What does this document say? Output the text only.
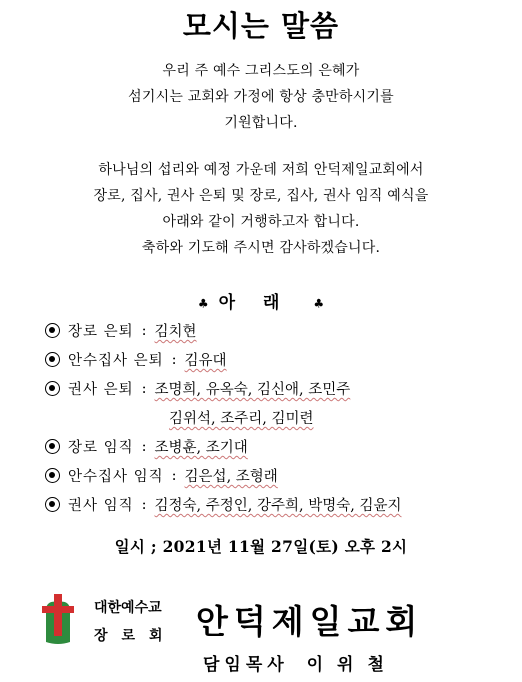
모시는 말씀
우리 주 예수 그리스도의 은혜가
섬기시는 교회와 가정에 항상 충만하시기를
기원합니다.
하나님의 섭리와 예정 가운데 저희 안덕제일교회에서
장로, 집사, 권사 은퇴 및 장로, 집사, 권사 임직 예식을
아래와 같이 거행하고자 합니다.
축하와 기도해 주시면 감사하겠습니다.
♣ 아래 ♣
장로 은퇴 : 김치현
안수집사 은퇴 : 김유대
권사 은퇴 : 조명희, 유옥숙, 김신애, 조민주
김위석, 조주리, 김미련
장로 임직 : 조병훈, 조기대
안수집사 임직 : 김은섭, 조형래
권사 임직 : 김정숙, 주정인, 강주희, 박명숙, 김윤지
일시 ; 2021년 11월 27일(토) 오후 2시
대한예수교
장로회 안덕제일교회
담임목사 이위철
